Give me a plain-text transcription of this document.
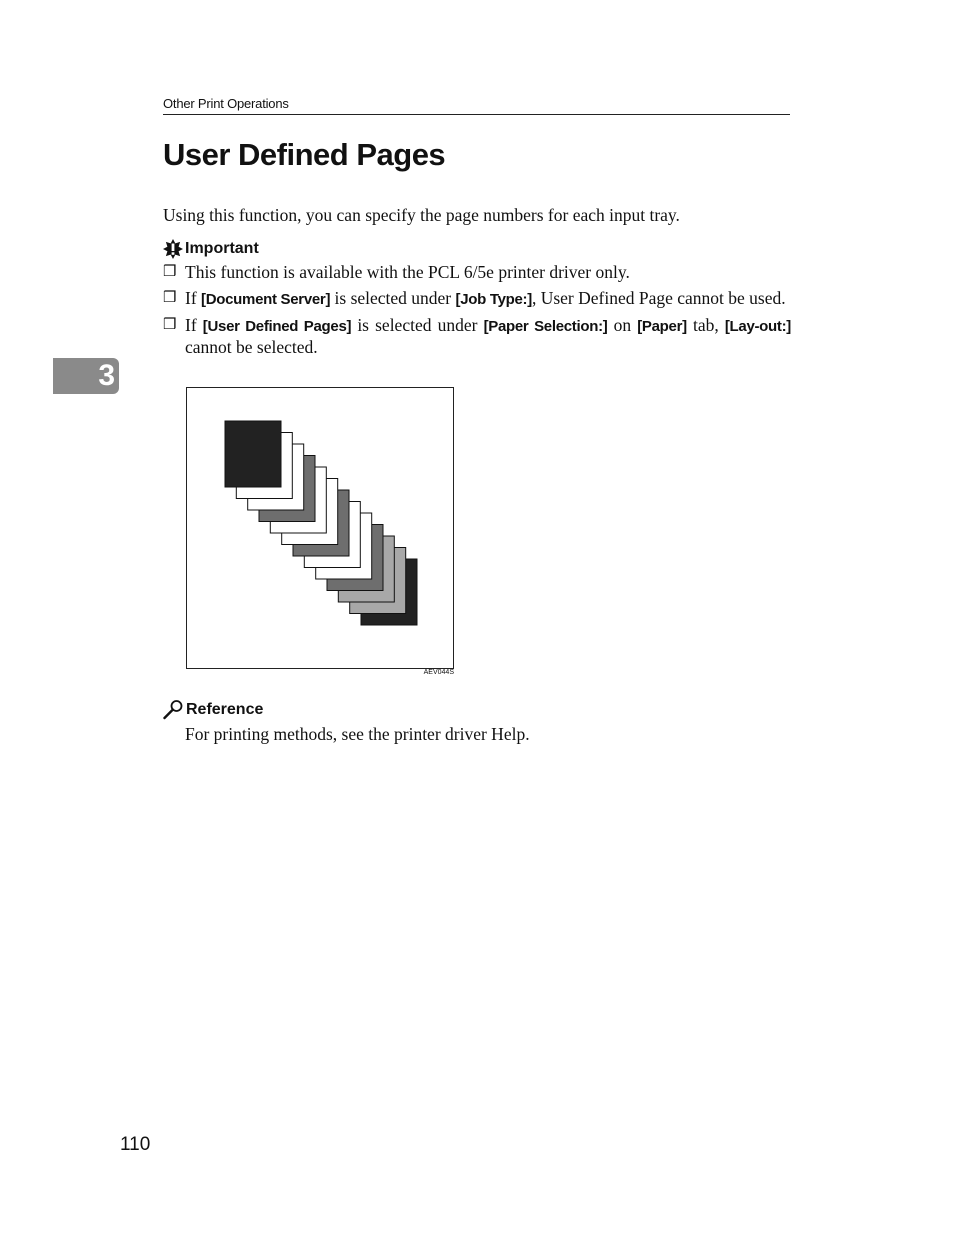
Other Print Operations
User Defined Pages

Using this function, you can specify the page numbers for each input tray.

Important
❒ This function is available with the PCL 6/5e printer driver only.
❒ If [Document Server] is selected under [Job Type:], User Defined Page cannot be used.
❒ If [User Defined Pages] is selected under [Paper Selection:] on [Paper] tab, [Lay-out:] cannot be selected.
3
AEV044S
Reference

For printing methods, see the printer driver Help.

110
